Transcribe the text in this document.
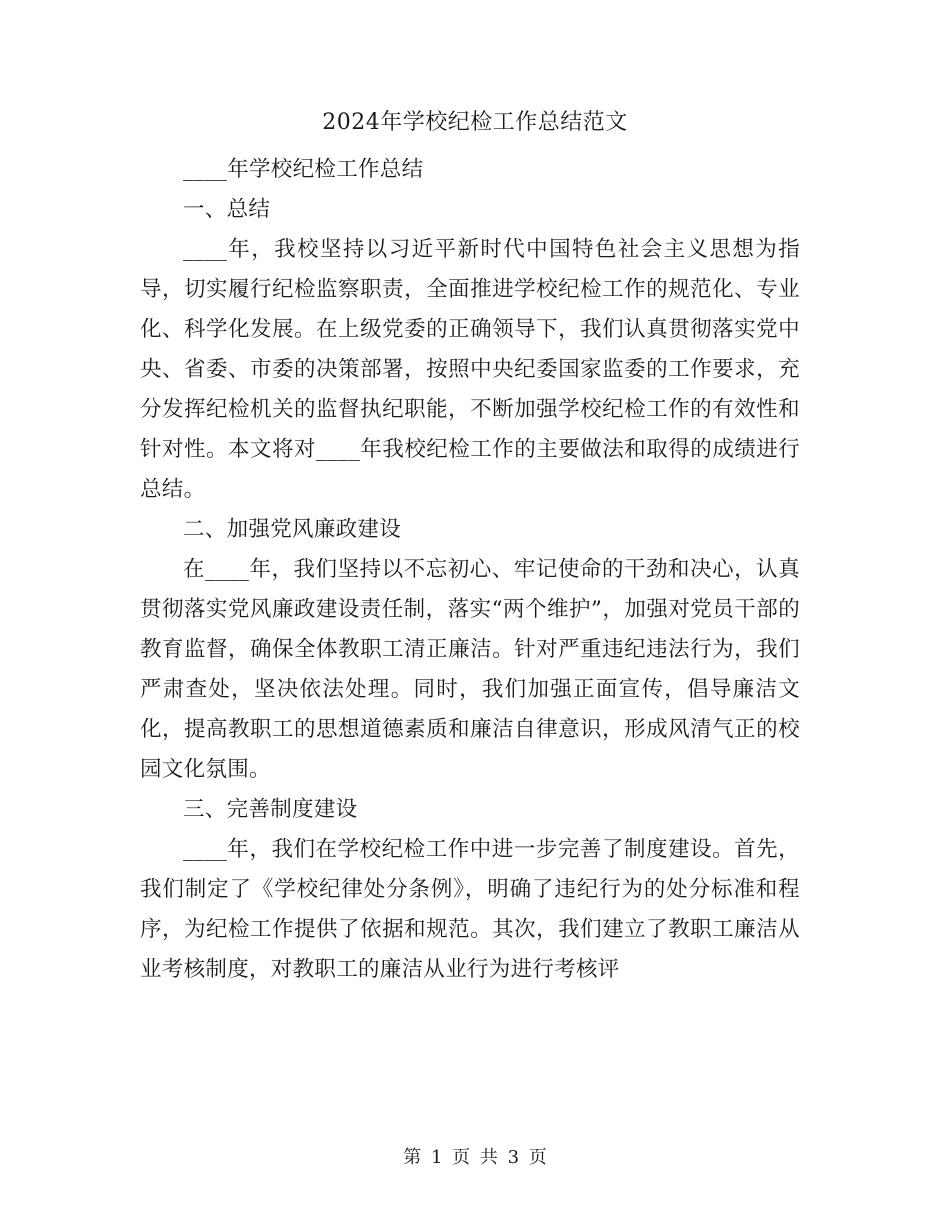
2024年学校纪检工作总结范文

____年学校纪检工作总结

一、总结

____年，我校坚持以习近平新时代中国特色社会主义思想为指导，切实履行纪检监察职责，全面推进学校纪检工作的规范化、专业化、科学化发展。在上级党委的正确领导下，我们认真贯彻落实党中央、省委、市委的决策部署，按照中央纪委国家监委的工作要求，充分发挥纪检机关的监督执纪职能，不断加强学校纪检工作的有效性和针对性。本文将对____年我校纪检工作的主要做法和取得的成绩进行总结。

二、加强党风廉政建设

在____年，我们坚持以不忘初心、牢记使命的干劲和决心，认真贯彻落实党风廉政建设责任制，落实“两个维护”，加强对党员干部的教育监督，确保全体教职工清正廉洁。针对严重违纪违法行为，我们严肃查处，坚决依法处理。同时，我们加强正面宣传，倡导廉洁文化，提高教职工的思想道德素质和廉洁自律意识，形成风清气正的校园文化氛围。

三、完善制度建设

____年，我们在学校纪检工作中进一步完善了制度建设。首先，我们制定了《学校纪律处分条例》，明确了违纪行为的处分标准和程序，为纪检工作提供了依据和规范。其次，我们建立了教职工廉洁从业考核制度，对教职工的廉洁从业行为进行考核评

第 1 页 共 3 页
